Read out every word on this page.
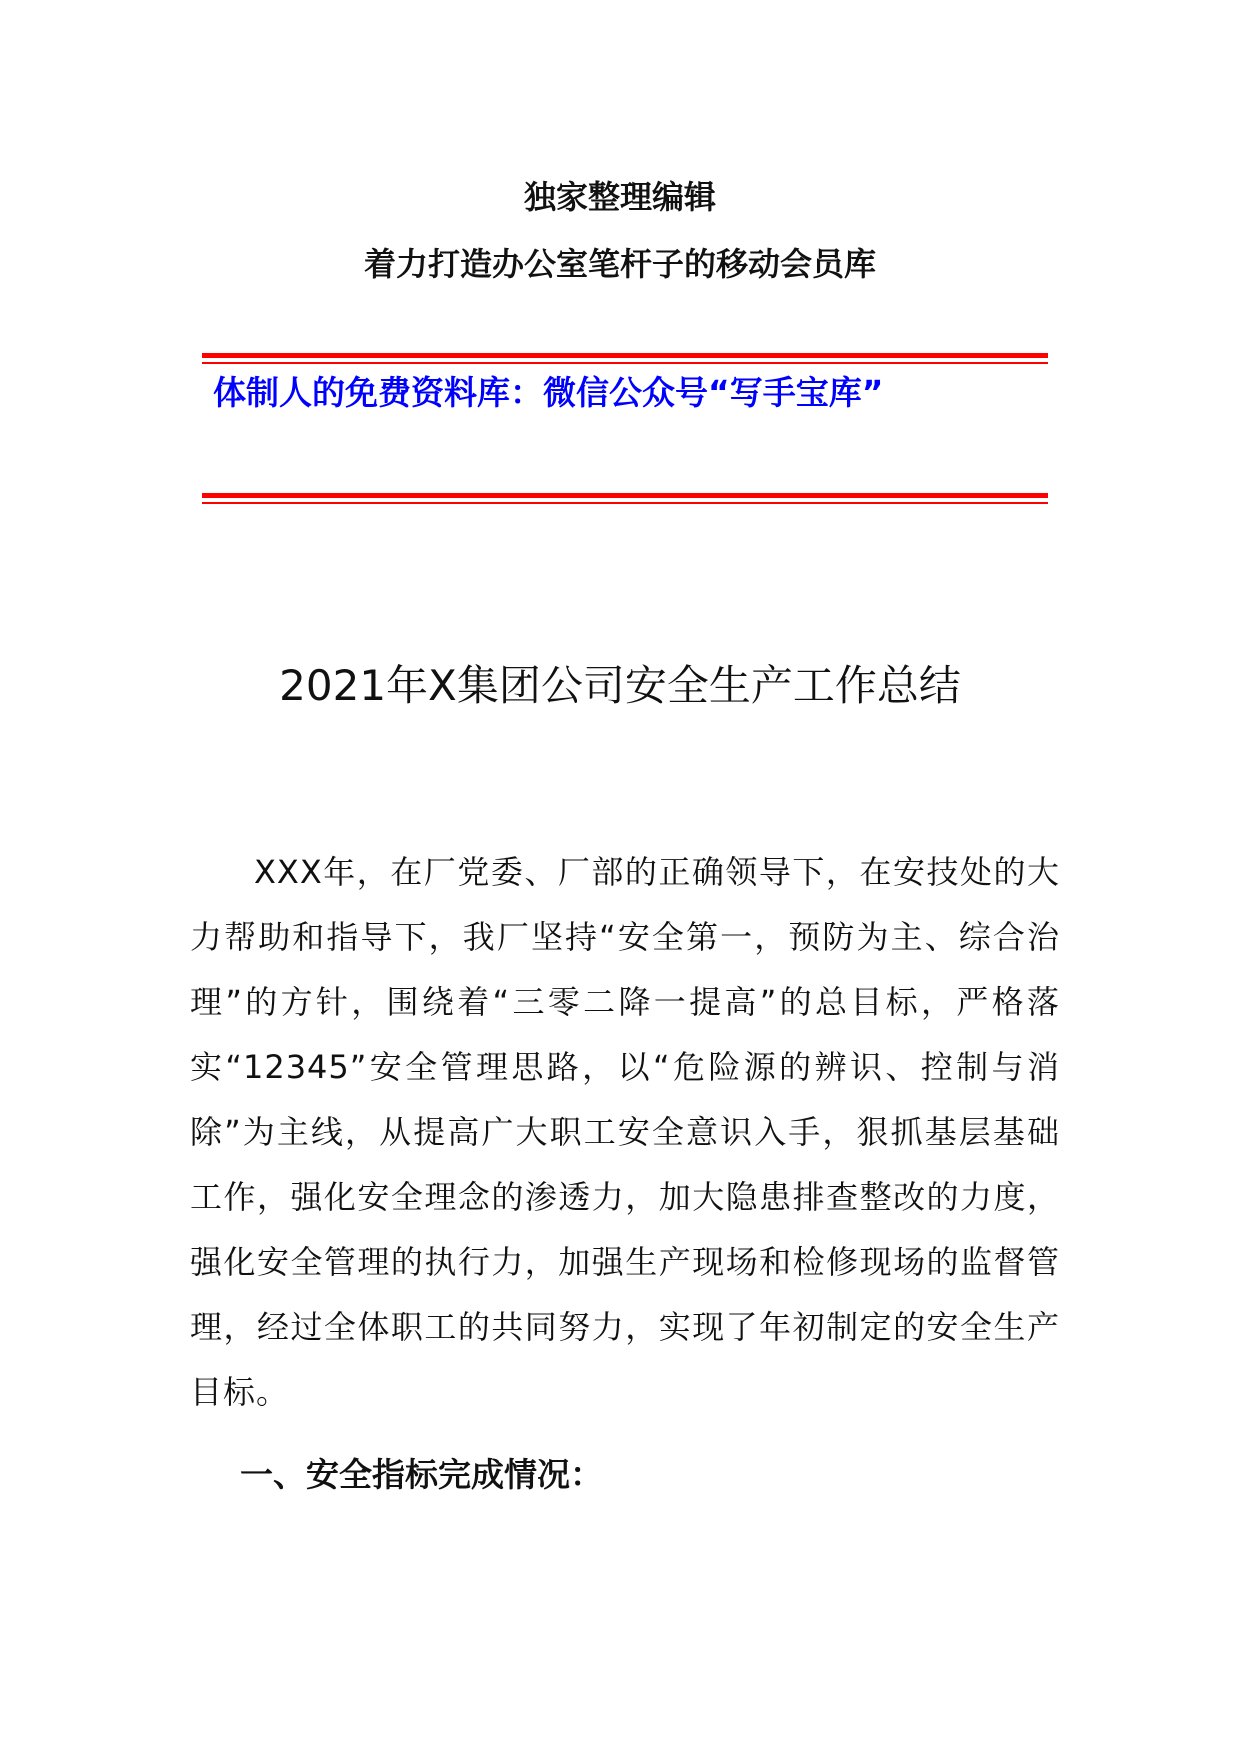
独家整理编辑
着力打造办公室笔杆子的移动会员库
体制人的免费资料库：微信公众号“写手宝库”
2021年X集团公司安全生产工作总结

XXX年，在厂党委、厂部的正确领导下，在安技处的大力帮助和指导下，我厂坚持“安全第一，预防为主、综合治理”的方针，围绕着“三零二降一提高”的总目标，严格落实“12345”安全管理思路，以“危险源的辨识、控制与消除”为主线，从提高广大职工安全意识入手，狠抓基层基础工作，强化安全理念的渗透力，加大隐患排查整改的力度，强化安全管理的执行力，加强生产现场和检修现场的监督管理，经过全体职工的共同努力，实现了年初制定的安全生产目标。

一、安全指标完成情况：
